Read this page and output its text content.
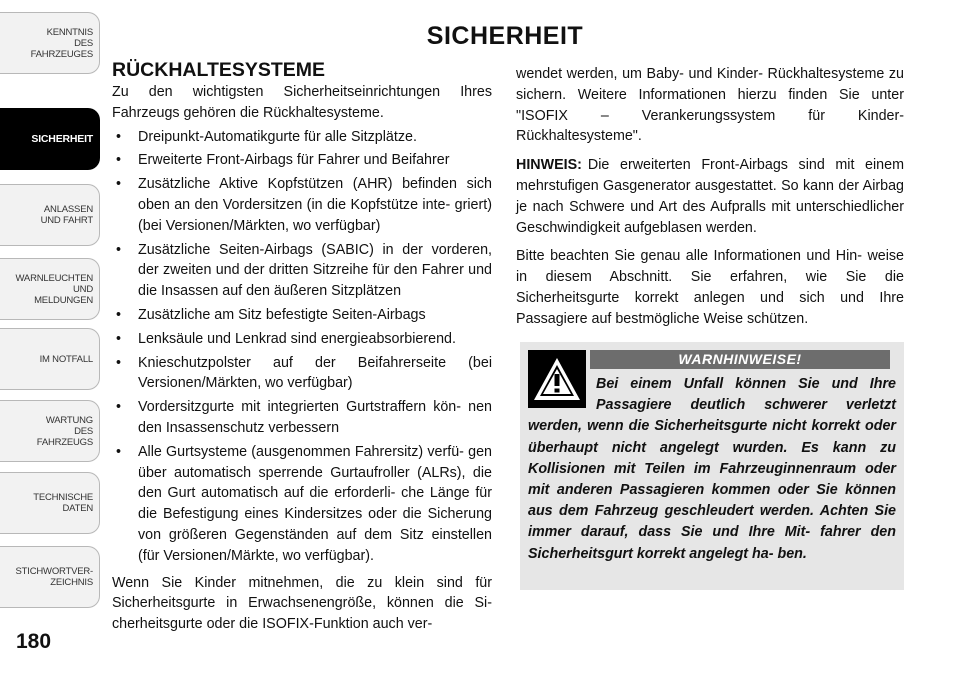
KENNTNIS
DES
FAHRZEUGES
SICHERHEIT
ANLASSEN
UND FAHRT
WARNLEUCHTEN
UND
MELDUNGEN
IM NOTFALL
WARTUNG
DES
FAHRZEUGS
TECHNISCHE
DATEN
STICHWORTVER-
ZEICHNIS
SICHERHEIT
RÜCKHALTESYSTEME

Zu den wichtigsten Sicherheitseinrichtungen Ihres Fahrzeugs gehören die Rückhaltesysteme.

• Dreipunkt-Automatikgurte für alle Sitzplätze.
• Erweiterte Front-Airbags für Fahrer und Beifahrer
• Zusätzliche Aktive Kopfstützen (AHR) befinden sich oben an den Vordersitzen (in die Kopfstütze inte- griert) (bei Versionen/Märkten, wo verfügbar)
• Zusätzliche Seiten-Airbags (SABIC) in der vorderen, der zweiten und der dritten Sitzreihe für den Fahrer und die Insassen auf den äußeren Sitzplätzen
• Zusätzliche am Sitz befestigte Seiten-Airbags
• Lenksäule und Lenkrad sind energieabsorbierend.
• Knieschutzpolster auf der Beifahrerseite (bei Versionen/Märkten, wo verfügbar)
• Vordersitzgurte mit integrierten Gurtstraffern kön- nen den Insassenschutz verbessern
• Alle Gurtsysteme (ausgenommen Fahrersitz) verfü- gen über automatisch sperrende Gurtaufroller (ALRs), die den Gurt automatisch auf die erforderli- che Länge für die Befestigung eines Kindersitzes oder die Sicherung von größeren Gegenständen auf dem Sitz einstellen (für Versionen/Märkte, wo verfügbar).

Wenn Sie Kinder mitnehmen, die zu klein sind für Sicherheitsgurte in Erwachsenengröße, können die Si- cherheitsgurte oder die ISOFIX-Funktion auch ver-

wendet werden, um Baby- und Kinder- Rückhaltesysteme zu sichern. Weitere Informationen hierzu finden Sie unter "ISOFIX – Verankerungssystem für Kinder-Rückhaltesysteme".

HINWEIS: Die erweiterten Front-Airbags sind mit einem mehrstufigen Gasgenerator ausgestattet. So kann der Airbag je nach Schwere und Art des Aufpralls mit unterschiedlicher Geschwindigkeit aufgeblasen werden.

Bitte beachten Sie genau alle Informationen und Hin- weise in diesem Abschnitt. Sie erfahren, wie Sie die Sicherheitsgurte korrekt anlegen und sich und Ihre Passagiere auf bestmögliche Weise schützen.

WARNHINWEISE!
Bei einem Unfall können Sie und Ihre Passagiere deutlich schwerer verletzt werden, wenn die Sicherheitsgurte nicht korrekt oder überhaupt nicht angelegt wurden. Es kann zu Kollisionen mit Teilen im Fahrzeuginnenraum oder mit anderen Passagieren kommen oder Sie können aus dem Fahrzeug geschleudert werden. Achten Sie immer darauf, dass Sie und Ihre Mit- fahrer den Sicherheitsgurt korrekt angelegt ha- ben.
180
